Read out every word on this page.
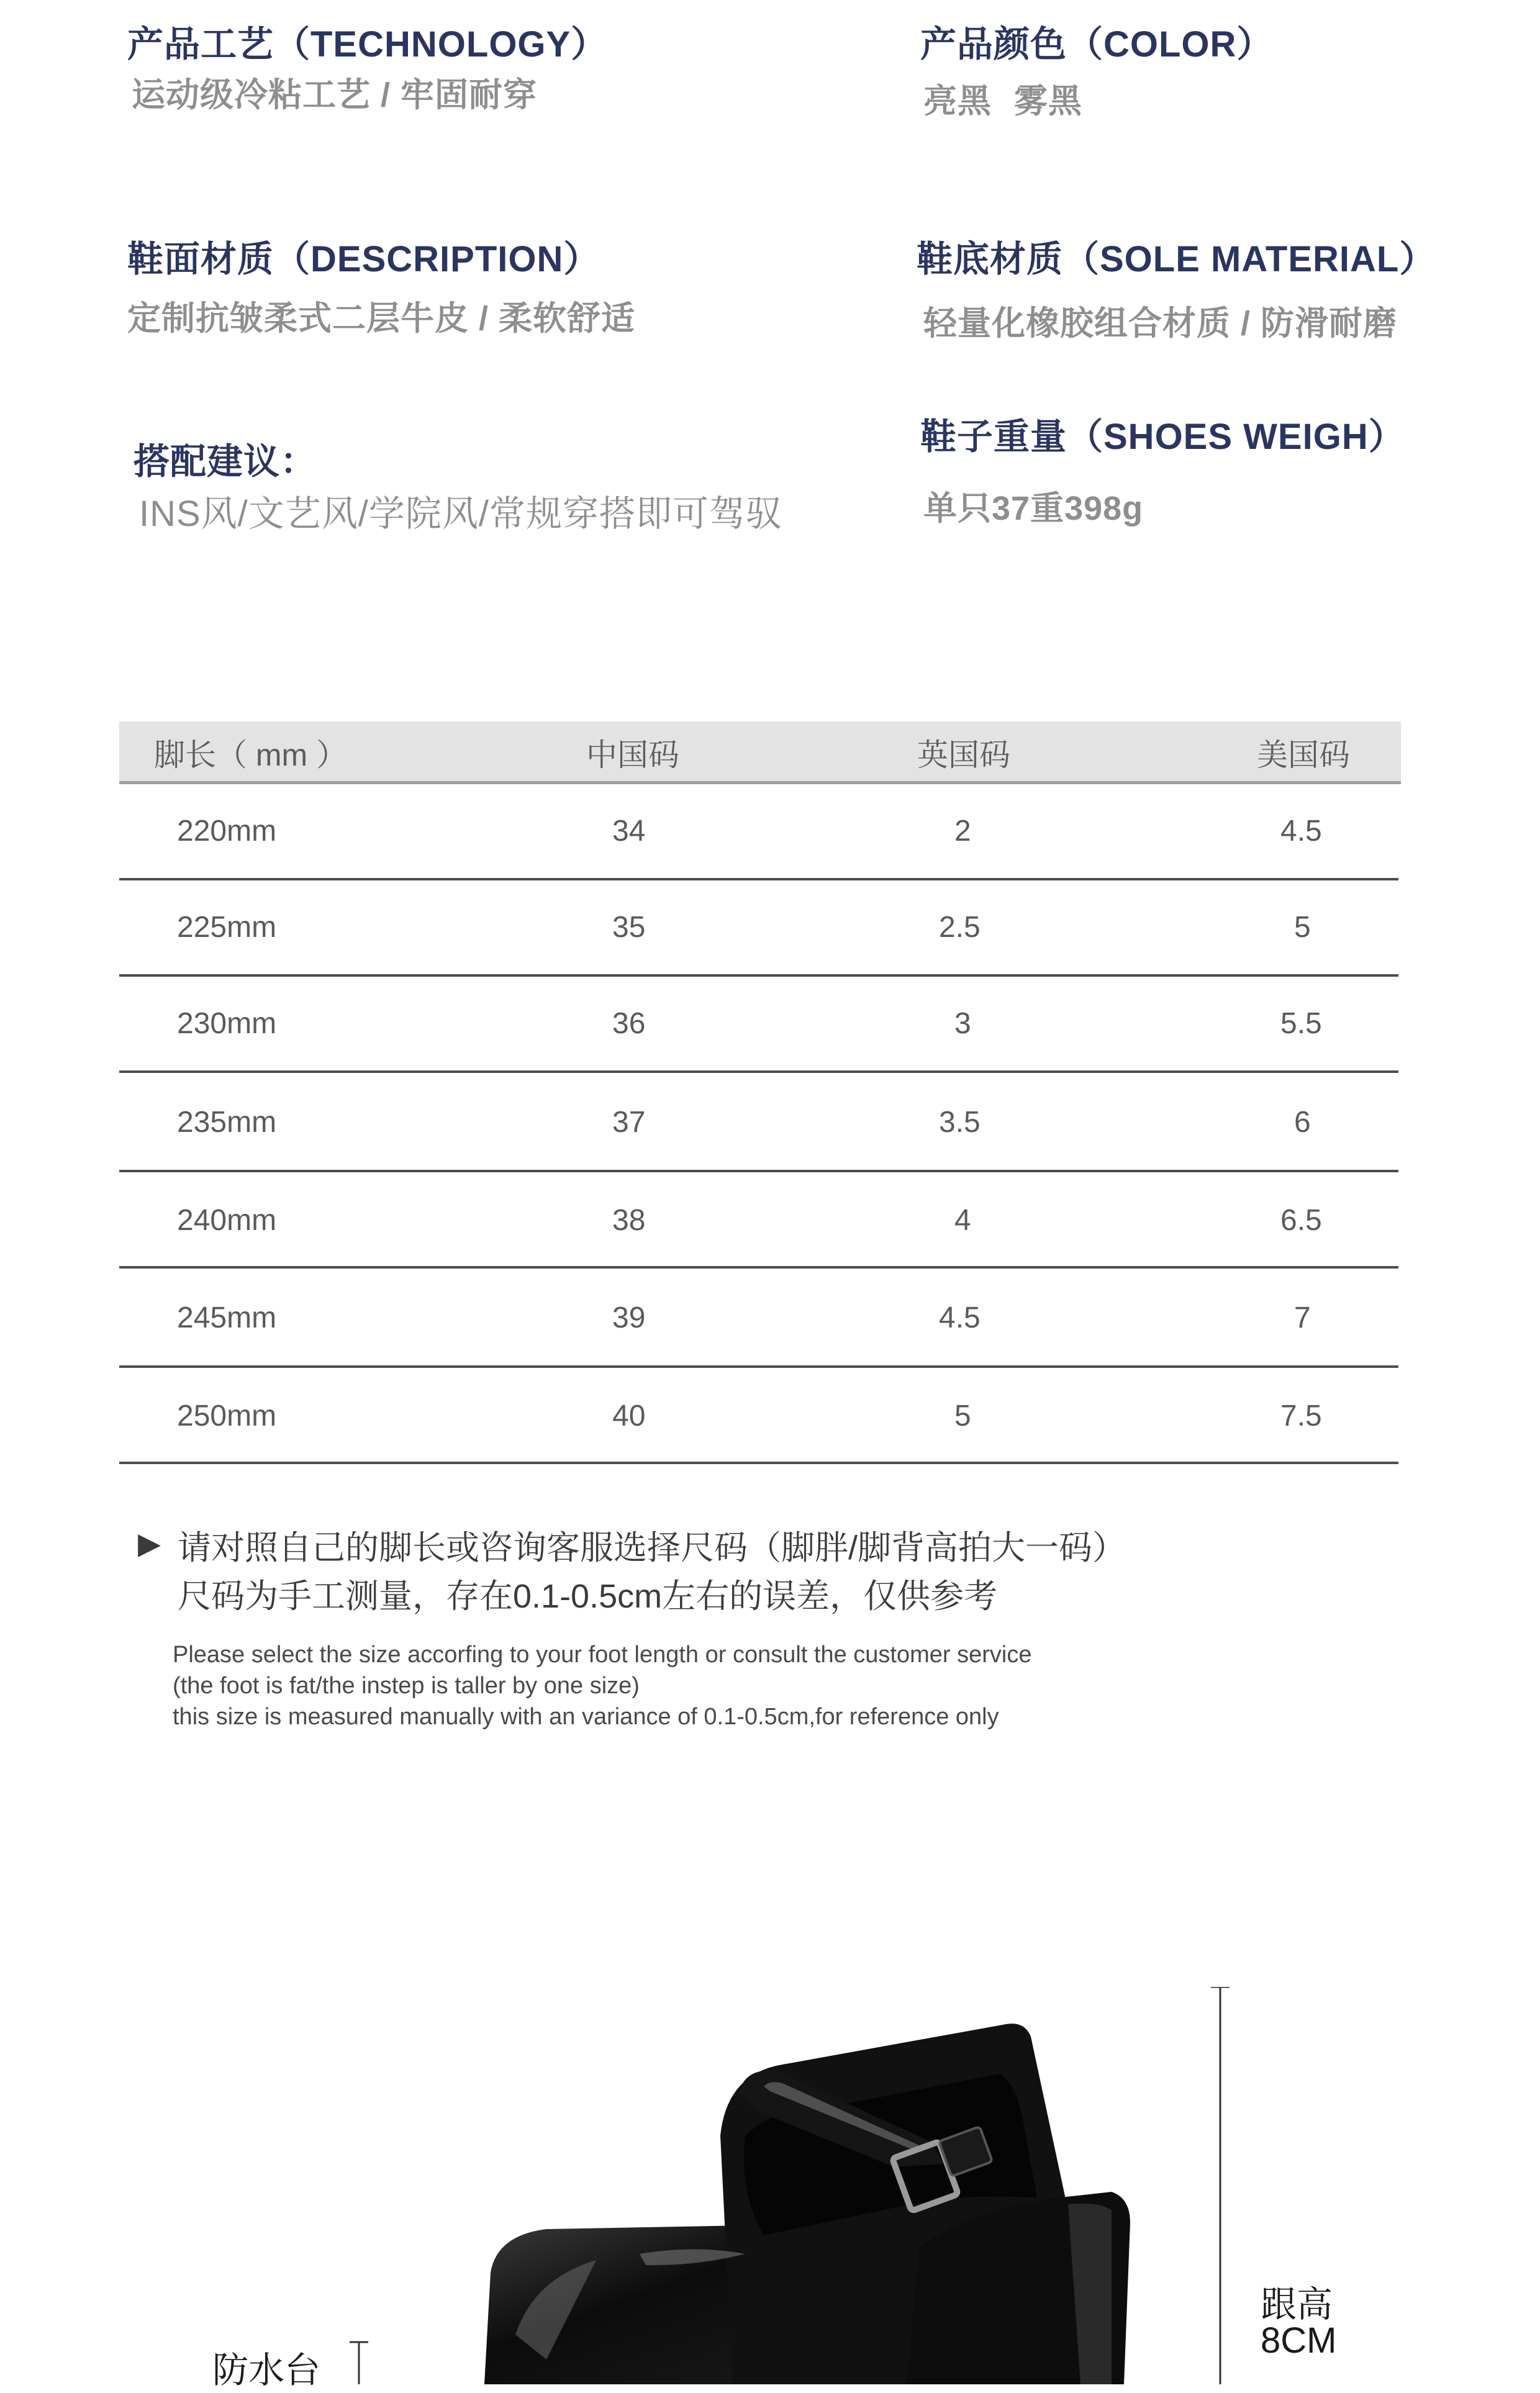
产品工艺（TECHNOLOGY）
运动级冷粘工艺 / 牢固耐穿
产品颜色（COLOR）
亮黑 雾黑
鞋面材质（DESCRIPTION）
定制抗皱柔式二层牛皮 / 柔软舒适
鞋底材质（SOLE MATERIAL）
轻量化橡胶组合材质 / 防滑耐磨
搭配建议：
INS风/文艺风/学院风/常规穿搭即可驾驭
鞋子重量（SHOES WEIGH）
单只37重398g
脚长（ mm ）	中国码	英国码	美国码
220mm	34	2	4.5
225mm	35	2.5	5
230mm	36	3	5.5
235mm	37	3.5	6
240mm	38	4	6.5
245mm	39	4.5	7
250mm	40	5	7.5
▶ 请对照自己的脚长或咨询客服选择尺码（脚胖/脚背高拍大一码）
尺码为手工测量，存在0.1-0.5cm左右的误差，仅供参考
Please select the size accorfing to your foot length or consult the customer service
(the foot is fat/the instep is taller by one size)
this size is measured manually with an variance of 0.1-0.5cm,for reference only
跟高
8CM
防水台
